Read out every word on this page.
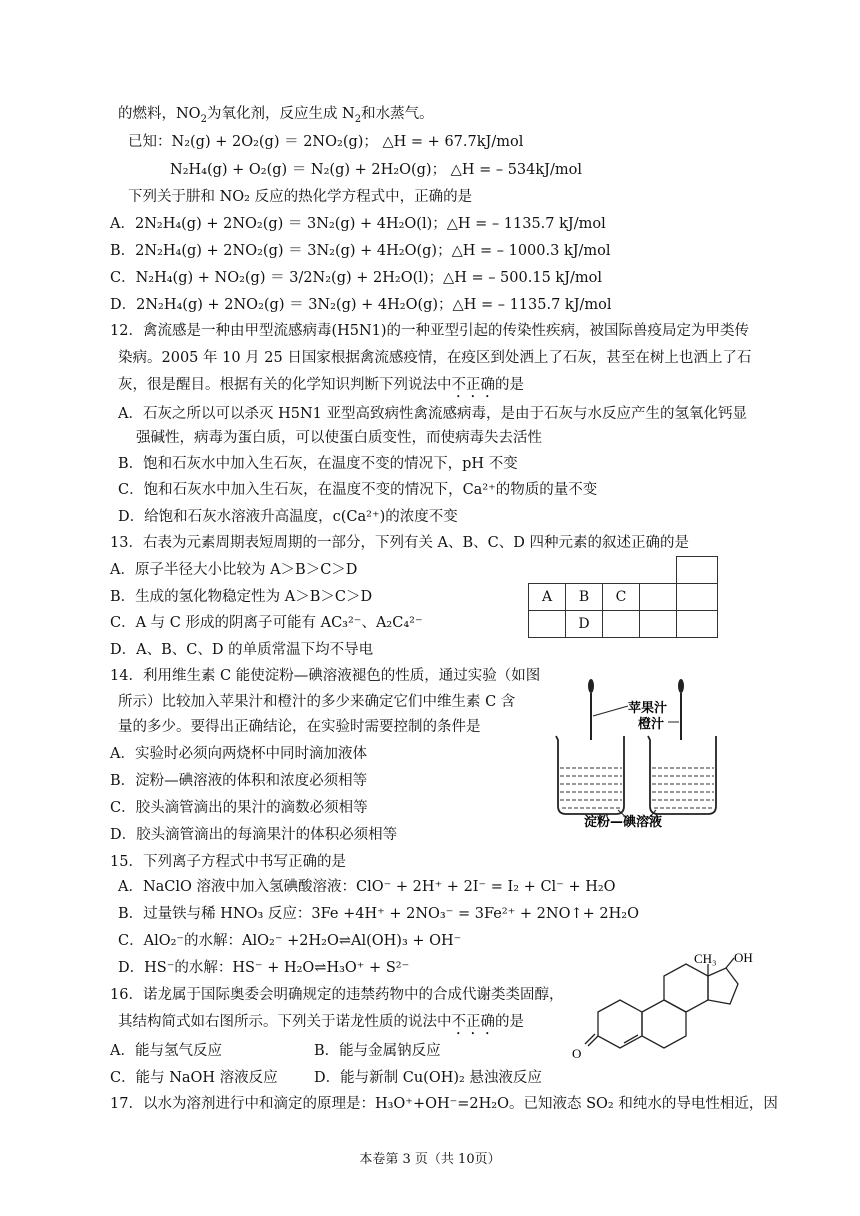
的燃料，$NO_2$为氧化剂，反应生成 $N_2$和水蒸气。
已知：N₂(g) + 2O₂(g) ＝ 2NO₂(g)； △H = + 67.7kJ/mol
N₂H₄(g) + O₂(g) ＝ N₂(g) + 2H₂O(g)； △H = – 534kJ/mol
下列关于肼和 NO₂ 反应的热化学方程式中，正确的是
A．2N₂H₄(g) + 2NO₂(g) ＝ 3N₂(g) + 4H₂O(l)；△H = – 1135.7 kJ/mol
B．2N₂H₄(g) + 2NO₂(g) ＝ 3N₂(g) + 4H₂O(g)；△H = – 1000.3 kJ/mol
C．N₂H₄(g) + NO₂(g) ＝ 3/2N₂(g) + 2H₂O(l)；△H = – 500.15 kJ/mol
D．2N₂H₄(g) + 2NO₂(g) ＝ 3N₂(g) + 4H₂O(g)；△H = – 1135.7 kJ/mol
12．禽流感是一种由甲型流感病毒(H5N1)的一种亚型引起的传染性疾病，被国际兽疫局定为甲类传
染病。2005 年 10 月 25 日国家根据禽流感疫情，在疫区到处洒上了石灰，甚至在树上也洒上了石
灰，很是醒目。根据有关的化学知识判断下列说法中不正确的是
A．石灰之所以可以杀灭 H5N1 亚型高致病性禽流感病毒，是由于石灰与水反应产生的氢氧化钙显
强碱性，病毒为蛋白质，可以使蛋白质变性，而使病毒失去活性
B．饱和石灰水中加入生石灰，在温度不变的情况下，pH 不变
C．饱和石灰水中加入生石灰，在温度不变的情况下，Ca²⁺的物质的量不变
D．给饱和石灰水溶液升高温度，c(Ca²⁺)的浓度不变
13．右表为元素周期表短周期的一部分，下列有关 A、B、C、D 四种元素的叙述正确的是
A．原子半径大小比较为 A＞B＞C＞D
B．生成的氢化物稳定性为 A＞B＞C＞D
C．A 与 C 形成的阴离子可能有 AC₃²⁻、A₂C₄²⁻
D．A、B、C、D 的单质常温下均不导电

A	B	C		
	D			
14．利用维生素 C 能使淀粉—碘溶液褪色的性质，通过实验（如图
所示）比较加入苹果汁和橙汁的多少来确定它们中维生素 C 含
量的多少。要得出正确结论，在实验时需要控制的条件是
A．实验时必须向两烧杯中同时滴加液体
B．淀粉—碘溶液的体积和浓度必须相等
C．胶头滴管滴出的果汁的滴数必须相等
D．胶头滴管滴出的每滴果汁的体积必须相等
苹果汁
橙汁
淀粉—碘溶液
15．下列离子方程式中书写正确的是
A．NaClO 溶液中加入氢碘酸溶液：ClO⁻ + 2H⁺ + 2I⁻ = I₂ + Cl⁻ + H₂O
B．过量铁与稀 HNO₃ 反应：3Fe +4H⁺ + 2NO₃⁻ = 3Fe²⁺ + 2NO↑+ 2H₂O
C．AlO₂⁻的水解：AlO₂⁻ +2H₂O⇌Al(OH)₃ + OH⁻
D．HS⁻的水解：HS⁻ + H₂O⇌H₃O⁺ + S²⁻
16．诺龙属于国际奥委会明确规定的违禁药物中的合成代谢类类固醇，
其结构简式如右图所示。下列关于诺龙性质的说法中不正确的是
A．能与氢气反应	B．能与金属钠反应
C．能与 NaOH 溶液反应	D．能与新制 Cu(OH)₂ 悬浊液反应
CH₃ OH
O
17．以水为溶剂进行中和滴定的原理是：H₃O⁺+OH⁻=2H₂O。已知液态 SO₂ 和纯水的导电性相近，因
本卷第 3 页（共 10页）
